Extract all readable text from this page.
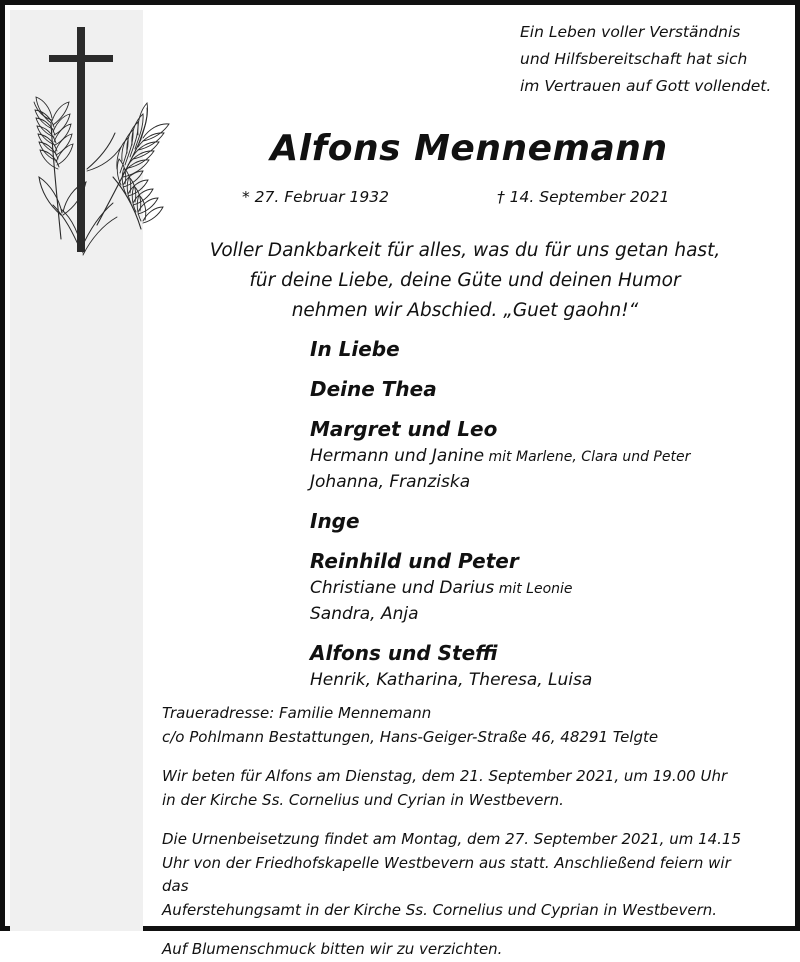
Ein Leben voller Verständnis
und Hilfsbereitschaft hat sich
im Vertrauen auf Gott vollendet.
Alfons Mennemann
* 27. Februar 1932	† 14. September 2021
Voller Dankbarkeit für alles, was du für uns getan hast,
für deine Liebe, deine Güte und deinen Humor
nehmen wir Abschied. „Guet gaohn!“
In Liebe
Deine Thea
Margret und Leo
Hermann und Janine mit Marlene, Clara und Peter
Johanna, Franziska
Inge
Reinhild und Peter
Christiane und Darius mit Leonie
Sandra, Anja
Alfons und Steffi
Henrik, Katharina, Theresa, Luisa
Traueradresse: Familie Mennemann
c/o Pohlmann Bestattungen, Hans-Geiger-Straße 46, 48291 Telgte
Wir beten für Alfons am Dienstag, dem 21. September 2021, um 19.00 Uhr
in der Kirche Ss. Cornelius und Cyrian in Westbevern.
Die Urnenbeisetzung findet am Montag, dem 27. September 2021, um 14.15
Uhr von der Friedhofskapelle Westbevern aus statt. Anschließend feiern wir das
Auferstehungsamt in der Kirche Ss. Cornelius und Cyprian in Westbevern.
Auf Blumenschmuck bitten wir zu verzichten.
